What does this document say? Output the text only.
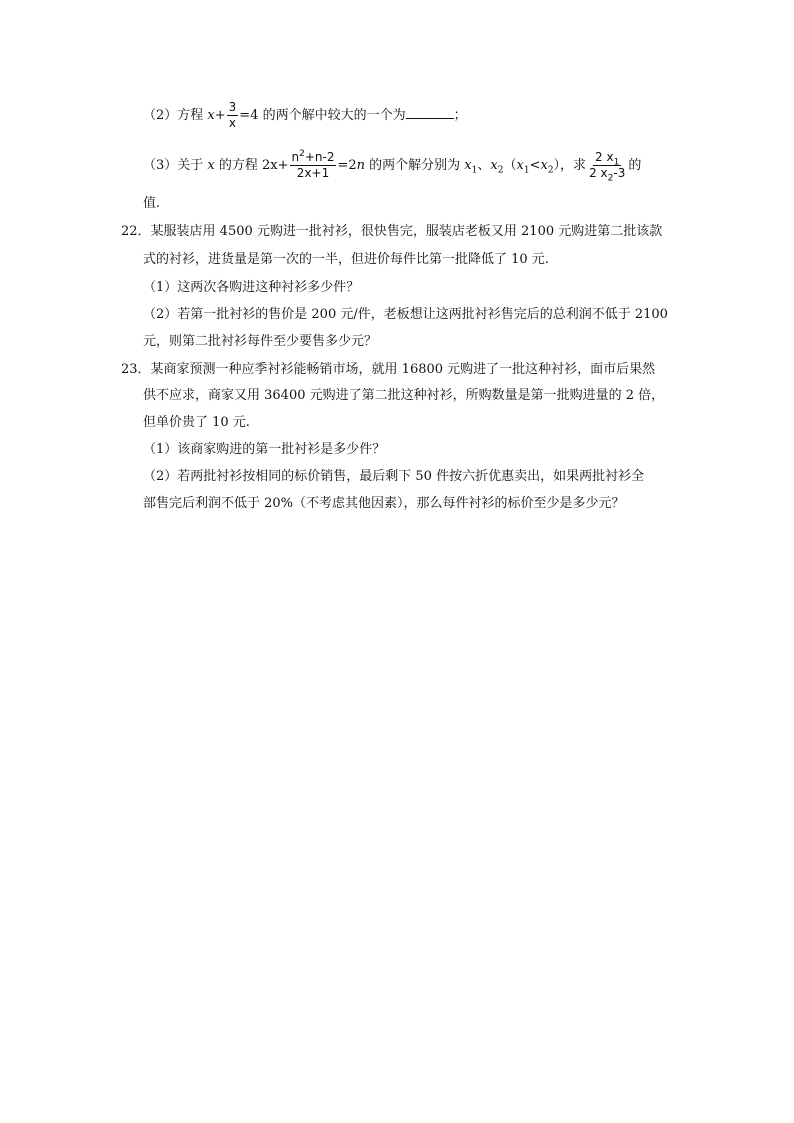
（2）方程 $x+ \frac{3}{x} =4$ 的两个解中较大的一个为	；
（3）关于 x 的方程 $2x+ \frac{n^2+n-2}{2x+1} =2n$ 的两个解分别为 $x_1$、$x_2(x_1<x_2)$，求 $\frac{2 x_1}{2 x_2-3}$ 的
值.
22．某服装店用 4500 元购进一批衬衫，很快售完，服装店老板又用 2100 元购进第二批该款
式的衬衫，进货量是第一次的一半，但进价每件比第一批降低了 10 元.
（1）这两次各购进这种衬衫多少件？
（2）若第一批衬衫的售价是 200 元/件，老板想让这两批衬衫售完后的总利润不低于 2100
元，则第二批衬衫每件至少要售多少元？
23．某商家预测一种应季衬衫能畅销市场，就用 16800 元购进了一批这种衬衫，面市后果然
供不应求，商家又用 36400 元购进了第二批这种衬衫，所购数量是第一批购进量的 2 倍，
但单价贵了 10 元.
（1）该商家购进的第一批衬衫是多少件？
（2）若两批衬衫按相同的标价销售，最后剩下 50 件按六折优惠卖出，如果两批衬衫全
部售完后利润不低于 20%（不考虑其他因素），那么每件衬衫的标价至少是多少元？
